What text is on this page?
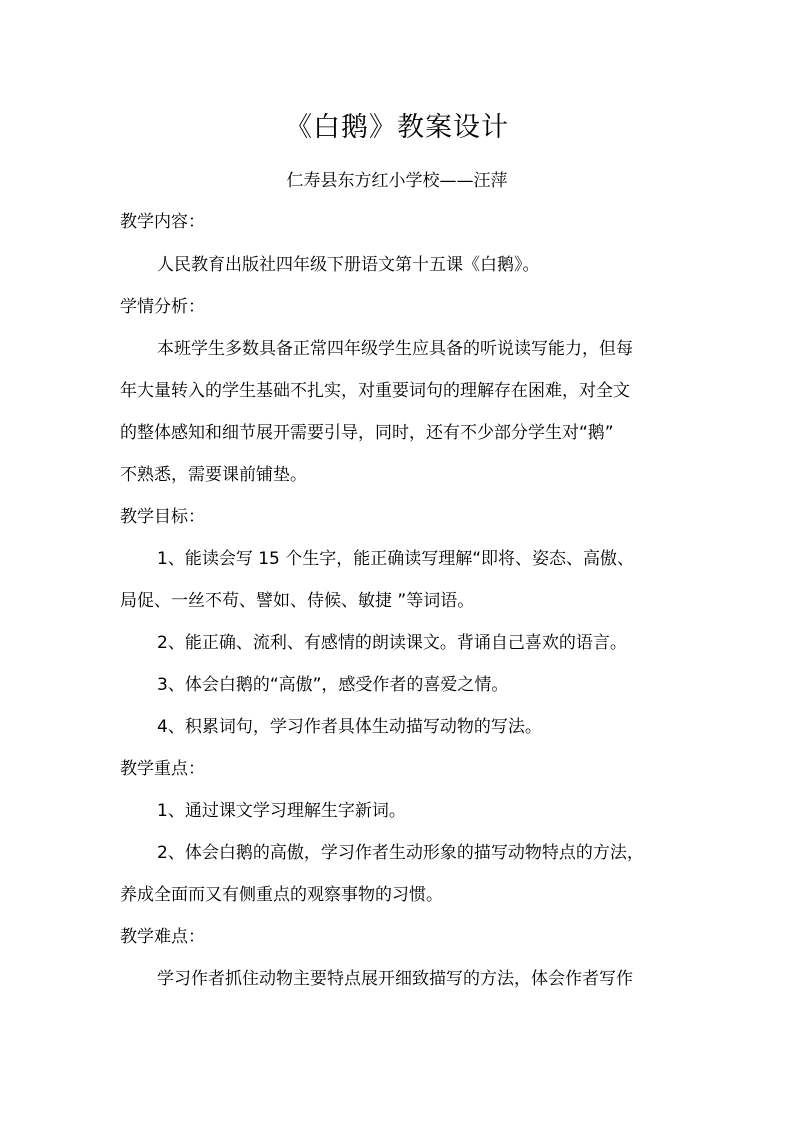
《白鹅》教案设计
仁寿县东方红小学校——汪萍
教学内容：
人民教育出版社四年级下册语文第十五课《白鹅》。
学情分析：
本班学生多数具备正常四年级学生应具备的听说读写能力，但每
年大量转入的学生基础不扎实，对重要词句的理解存在困难，对全文
的整体感知和细节展开需要引导，同时，还有不少部分学生对“鹅”
不熟悉，需要课前铺垫。
教学目标：
1、能读会写 15 个生字，能正确读写理解“即将、姿态、高傲、
局促、一丝不苟、譬如、侍候、敏捷 ”等词语。
2、能正确、流利、有感情的朗读课文。背诵自己喜欢的语言。
3、体会白鹅的“高傲”，感受作者的喜爱之情。
4、积累词句，学习作者具体生动描写动物的写法。
教学重点：
1、通过课文学习理解生字新词。
2、体会白鹅的高傲，学习作者生动形象的描写动物特点的方法，
养成全面而又有侧重点的观察事物的习惯。
教学难点：
学习作者抓住动物主要特点展开细致描写的方法，体会作者写作
